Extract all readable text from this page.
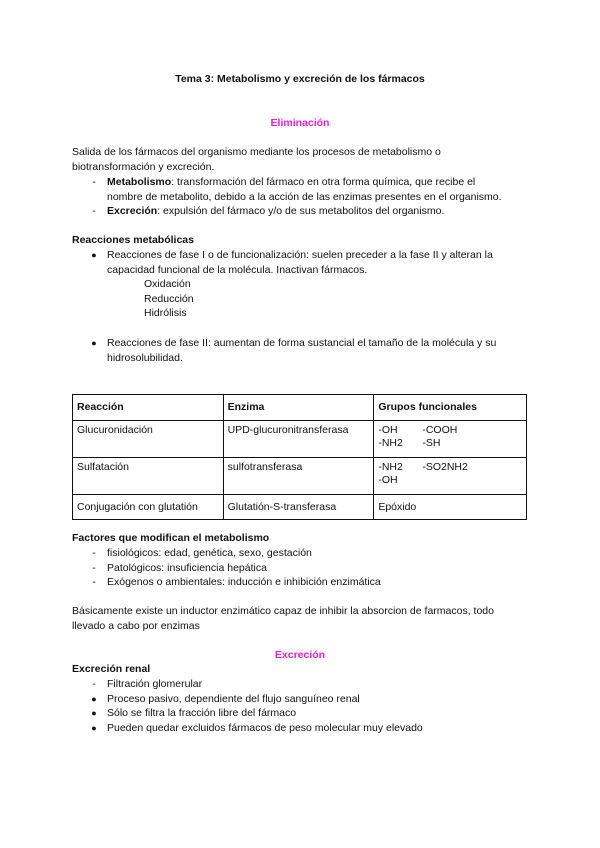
Tema 3: Metabolismo y excreción de los fármacos
Eliminación
Salida de los fármacos del organismo mediante los procesos de metabolismo o
biotransformación y excreción.
-	Metabolismo: transformación del fármaco en otra forma química, que recibe el
nombre de metabolito, debido a la acción de las enzimas presentes en el organismo.
-	Excreción: expulsión del fármaco y/o de sus metabolitos del organismo.
Reacciones metabólicas
● Reacciones de fase I o de funcionalización: suelen preceder a la fase II y alteran la
capacidad funcional de la molécula. Inactivan fármacos.
Oxidación
Reducción
Hidrólisis
● Reacciones de fase II: aumentan de forma sustancial el tamaño de la molécula y su
hidrosolubilidad.
Reacción	Enzima	Grupos funcionales
Glucuronidación	UPD-glucuronitransferasa	-OH -COOH
-NH2 -SH

Sulfatación	sulfotransferasa	-NH2 -SO2NH2
-OH

Conjugación con glutatión	Glutatión-S-transferasa	Epóxido
Factores que modifican el metabolismo
-	fisiológicos: edad, genética, sexo, gestación
-	Patológicos: insuficiencia hepática
-	Exógenos o ambientales: inducción e inhibición enzimática
Básicamente existe un inductor enzimático capaz de inhibir la absorcion de farmacos, todo
llevado a cabo por enzimas
Excreción
Excreción renal
-	Filtración glomerular
● Proceso pasivo, dependiente del flujo sanguíneo renal
● Sólo se filtra la fracción libre del fármaco
● Pueden quedar excluidos fármacos de peso molecular muy elevado
